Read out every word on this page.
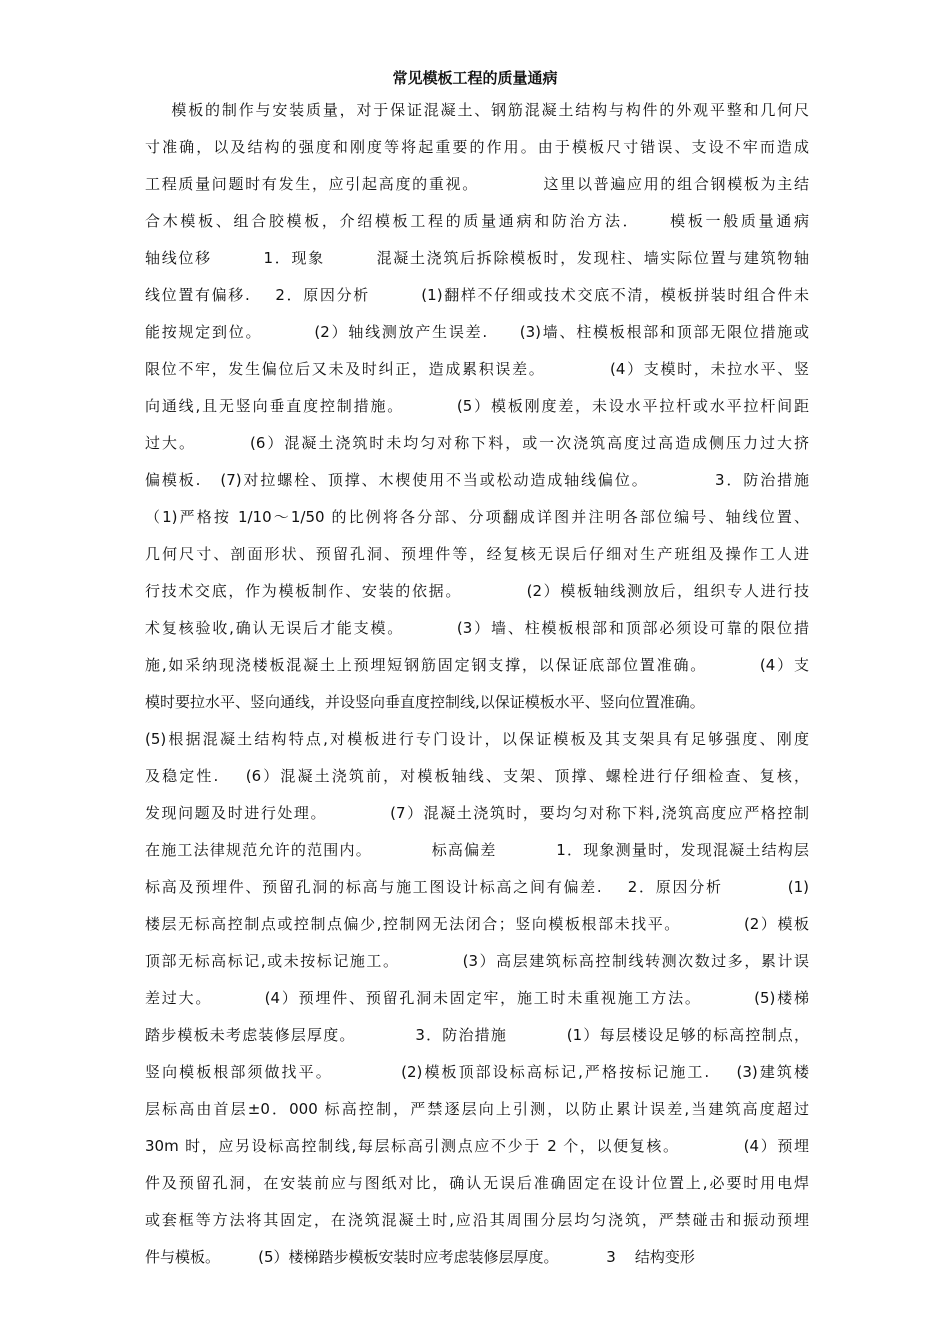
常见模板工程的质量通病
模板的制作与安装质量，对于保证混凝土、钢筋混凝土结构与构件的外观平整和几何尺
寸准确，以及结构的强度和刚度等将起重要的作用。由于模板尺寸错误、支设不牢而造成
工程质量问题时有发生，应引起高度的重视。          这里以普遍应用的组合钢模板为主结
合木模板、组合胶模板，介绍模板工程的质量通病和防治方法．    模板一般质量通病
轴线位移        1．现象        混凝土浇筑后拆除模板时，发现柱、墙实际位置与建筑物轴
线位置有偏移.    2．原因分析        (1)翻样不仔细或技术交底不清，模板拼装时组合件未
能按规定到位。        (2）轴线测放产生误差.     (3)墙、柱模板根部和顶部无限位措施或
限位不牢，发生偏位后又未及时纠正，造成累积误差。          (4）支模时，未拉水平、竖
向通线,且无竖向垂直度控制措施。        (5）模板刚度差，未设水平拉杆或水平拉杆间距
过大。        (6）混凝土浇筑时未均匀对称下料，或一次浇筑高度过高造成侧压力过大挤
偏模板.   (7)对拉螺栓、顶撑、木楔使用不当或松动造成轴线偏位。          3．防治措施
（1)严格按 1/10～1/50 的比例将各分部、分项翻成详图并注明各部位编号、轴线位置、
几何尺寸、剖面形状、预留孔洞、预埋件等，经复核无误后仔细对生产班组及操作工人进
行技术交底，作为模板制作、安装的依据。          (2）模板轴线测放后，组织专人进行技
术复核验收,确认无误后才能支模。        (3）墙、柱模板根部和顶部必须设可靠的限位措
施,如采纳现浇楼板混凝土上预埋短钢筋固定钢支撑，以保证底部位置准确。        (4）支
模时要拉水平、竖向通线，并设竖向垂直度控制线,以保证模板水平、竖向位置准确。
(5)根据混凝土结构特点,对模板进行专门设计，以保证模板及其支架具有足够强度、刚度
及稳定性.    (6）混凝土浇筑前，对模板轴线、支架、顶撑、螺栓进行仔细检查、复核，
发现问题及时进行处理。          (7）混凝土浇筑时，要均匀对称下料,浇筑高度应严格控制
在施工法律规范允许的范围内。          标高偏差          1．现象测量时，发现混凝土结构层
标高及预埋件、预留孔洞的标高与施工图设计标高之间有偏差.    2．原因分析          (1)
楼层无标高控制点或控制点偏少,控制网无法闭合；竖向模板根部未找平。          (2）模板
顶部无标高标记,或未按标记施工。          (3）高层建筑标高控制线转测次数过多，累计误
差过大。        (4）预埋件、预留孔洞未固定牢，施工时未重视施工方法。        (5)楼梯
踏步模板未考虑装修层厚度。          3．防治措施          (1）每层楼设足够的标高控制点，
竖向模板根部须做找平。          (2)模板顶部设标高标记,严格按标记施工.    (3)建筑楼
层标高由首层±0．000 标高控制，严禁逐层向上引测，以防止累计误差,当建筑高度超过
30m 时，应另设标高控制线,每层标高引测点应不少于 2 个，以便复核。          (4）预埋
件及预留孔洞，在安装前应与图纸对比，确认无误后准确固定在设计位置上,必要时用电焊
或套框等方法将其固定，在浇筑混凝土时,应沿其周围分层均匀浇筑，严禁碰击和振动预埋
件与模板。        (5）楼梯踏步模板安装时应考虑装修层厚度。          3    结构变形
